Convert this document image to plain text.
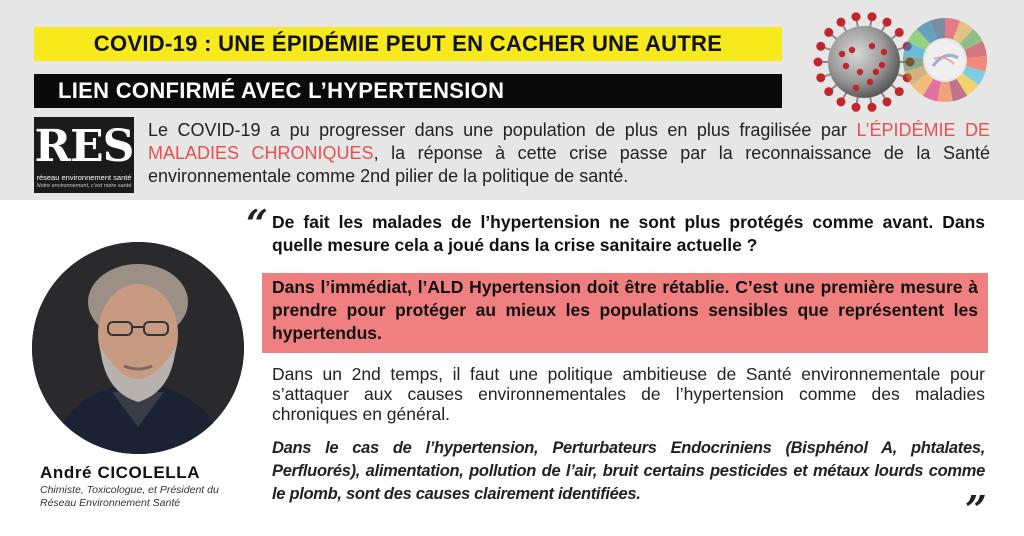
COVID-19 : UNE ÉPIDÉMIE PEUT EN CACHER UNE AUTRE
LIEN CONFIRMÉ AVEC L’HYPERTENSION
RES
réseau environnement santé
Notre environnement, c’est notre santé
Le COVID-19 a pu progresser dans une population de plus en plus fragilisée par L’ÉPIDÉMIE DE MALADIES CHRONIQUES, la réponse à cette crise passe par la reconnaissance de la Santé environnementale comme 2nd pilier de la politique de santé.
André CICOLELLA
Chimiste, Toxicologue, et Président du Réseau Environnement Santé
“ De fait les malades de l’hypertension ne sont plus protégés comme avant. Dans quelle mesure cela a joué dans la crise sanitaire actuelle ?
Dans l’immédiat, l’ALD Hypertension doit être rétablie. C’est une première mesure à prendre pour protéger au mieux les populations sensibles que représentent les hypertendus.
Dans un 2nd temps, il faut une politique ambitieuse de Santé environnementale pour s’attaquer aux causes environnementales de l’hypertension comme des maladies chroniques en général.
Dans le cas de l’hypertension, Perturbateurs Endocriniens (Bisphénol A, phtalates, Perfluorés), alimentation, pollution de l’air, bruit certains pesticides et métaux lourds comme le plomb, sont des causes clairement identifiées.	”
